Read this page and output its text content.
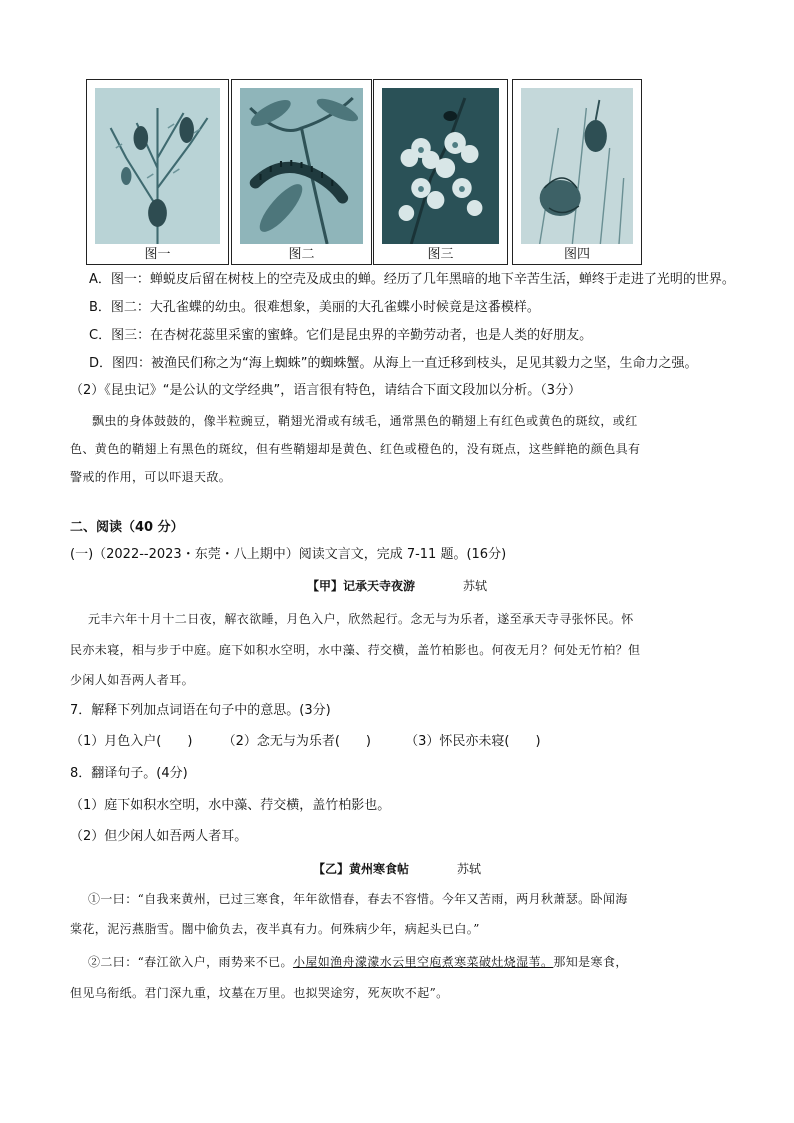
图一	图二	图三	图四
A．图一：蝉蜕皮后留在树枝上的空壳及成虫的蝉。经历了几年黑暗的地下辛苦生活，蝉终于走进了光明的世界。
B．图二：大孔雀蝶的幼虫。很难想象，美丽的大孔雀蝶小时候竟是这番模样。
C．图三：在杏树花蕊里采蜜的蜜蜂。它们是昆虫界的辛勤劳动者，也是人类的好朋友。
D．图四：被渔民们称之为“海上蜘蛛”的蜘蛛蟹。从海上一直迁移到枝头，足见其毅力之坚，生命力之强。
（2）《昆虫记》“是公认的文学经典”，语言很有特色，请结合下面文段加以分析。（3分）
飘虫的身体鼓鼓的，像半粒豌豆，鞘翅光滑或有绒毛，通常黑色的鞘翅上有红色或黄色的斑纹，或红
色、黄色的鞘翅上有黑色的斑纹，但有些鞘翅却是黄色、红色或橙色的，没有斑点，这些鲜艳的颜色具有
警戒的作用，可以吓退天敌。
二、阅读（40 分）
(一)（2022--2023・东莞・八上期中）阅读文言文，完成 7-11 题。(16分)
【甲】记承天寺夜游	苏轼
元丰六年十月十二日夜，解衣欲睡，月色入户，欣然起行。念无与为乐者，遂至承天寺寻张怀民。怀
民亦未寝，相与步于中庭。庭下如积水空明，水中藻、荇交横，盖竹柏影也。何夜无月？何处无竹柏？但
少闲人如吾两人者耳。
7．解释下列加点词语在句子中的意思。(3分)
（1）月色入户(　　) （2）念无与为乐者(　　)	（3）怀民亦未寝(　　)
8．翻译句子。(4分)
（1）庭下如积水空明，水中藻、荇交横，盖竹柏影也。
（2）但少闲人如吾两人者耳。
【乙】黄州寒食帖	苏轼
①一曰：“自我来黄州，已过三寒食，年年欲惜春，春去不容惜。今年又苦雨，两月秋萧瑟。卧闻海
棠花，泥污燕脂雪。闇中偷负去，夜半真有力。何殊病少年，病起头已白。”
②二曰：“春江欲入户，雨势来不已。小屋如渔舟濛濛水云里空庖煮寒菜破灶烧湿苇。那知是寒食，
但见乌衔纸。君门深九重，坟墓在万里。也拟哭途穷，死灰吹不起”。
